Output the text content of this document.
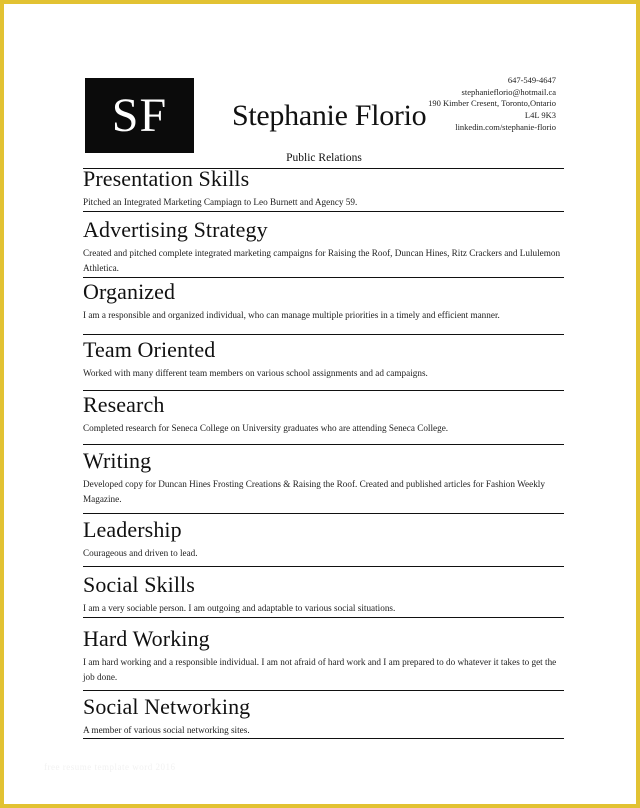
SF Stephanie Florio
647-549-4647
stephanieflorio@hotmail.ca
190 Kimber Cresent, Toronto,Ontario
L4L 9K3
linkedin.com/stephanie-florio
Public Relations
Presentation Skills
Pitched an Integrated Marketing Campiagn to Leo Burnett and Agency 59.
Advertising Strategy
Created and pitched complete integrated marketing campaigns for Raising the Roof, Duncan Hines, Ritz Crackers and Lululemon Athletica.
Organized
I am a responsible and organized individual, who can manage multiple priorities in a timely and efficient manner.
Team Oriented
Worked with many different team members on various school assignments and ad campaigns.
Research
Completed research for Seneca College on University graduates who are attending Seneca College.
Writing
Developed copy for Duncan Hines Frosting Creations & Raising the Roof. Created and published articles for Fashion Weekly Magazine.
Leadership
Courageous and driven to lead.
Social Skills
I am a very sociable person. I am outgoing and adaptable to various social situations.
Hard Working
I am hard working and a responsible individual. I am not afraid of hard work and I am prepared to do whatever it takes to get the job done.
Social Networking
A member of various social networking sites.
free resume template word 2016
